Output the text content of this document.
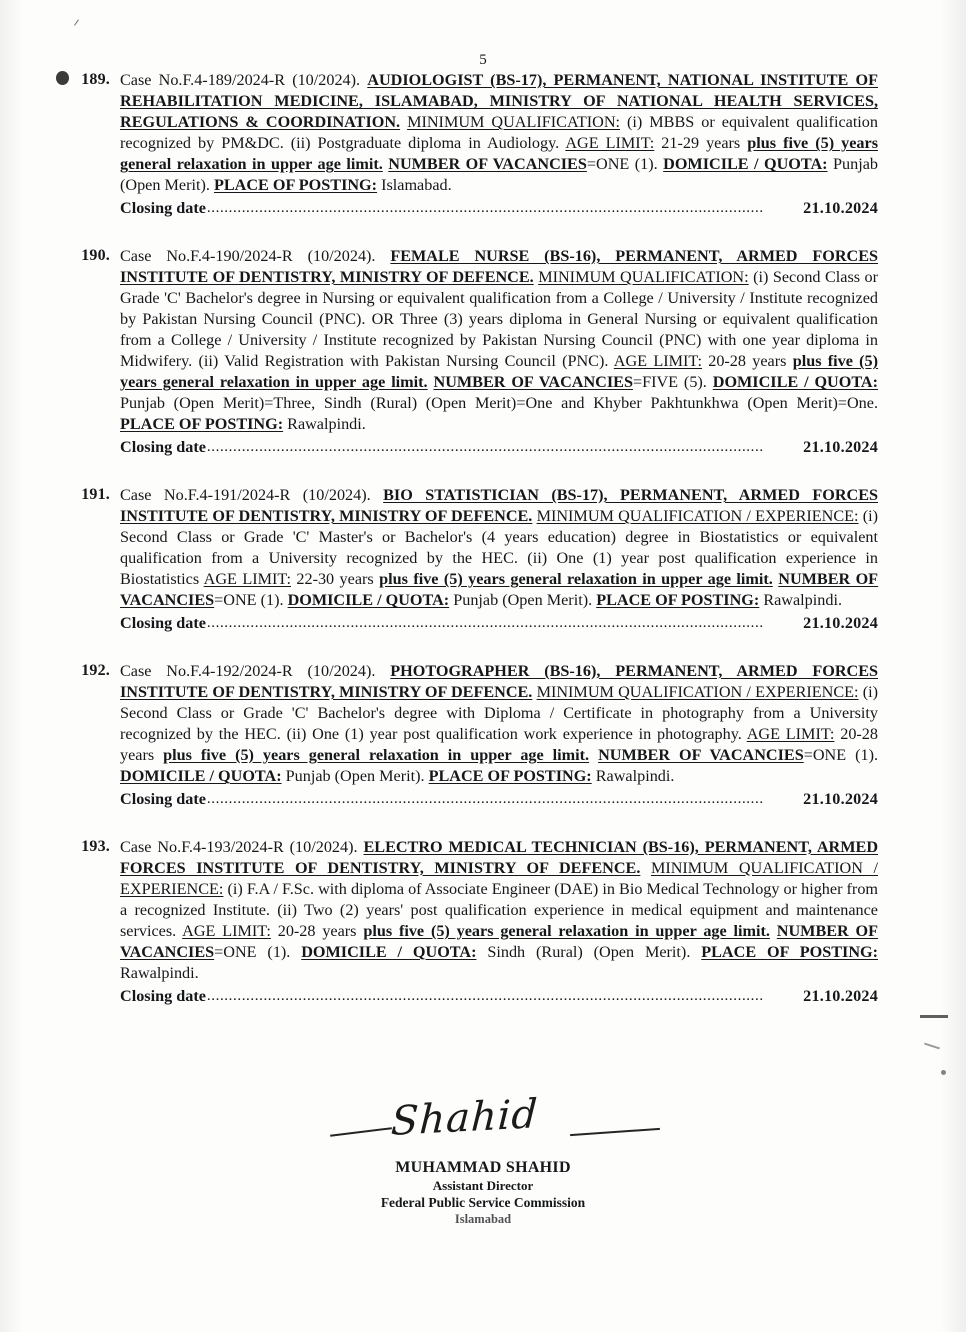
5
189. Case No.F.4-189/2024-R (10/2024). AUDIOLOGIST (BS-17), PERMANENT, NATIONAL INSTITUTE OF REHABILITATION MEDICINE, ISLAMABAD, MINISTRY OF NATIONAL HEALTH SERVICES, REGULATIONS & COORDINATION. MINIMUM QUALIFICATION: (i) MBBS or equivalent qualification recognized by PM&DC. (ii) Postgraduate diploma in Audiology. AGE LIMIT: 21-29 years plus five (5) years general relaxation in upper age limit. NUMBER OF VACANCIES=ONE (1). DOMICILE / QUOTA: Punjab (Open Merit). PLACE OF POSTING: Islamabad.

Closing date ................................................................................................................................	21.10.2024
190. Case No.F.4-190/2024-R (10/2024). FEMALE NURSE (BS-16), PERMANENT, ARMED FORCES INSTITUTE OF DENTISTRY, MINISTRY OF DEFENCE. MINIMUM QUALIFICATION: (i) Second Class or Grade 'C' Bachelor's degree in Nursing or equivalent qualification from a College / University / Institute recognized by Pakistan Nursing Council (PNC). OR Three (3) years diploma in General Nursing or equivalent qualification from a College / University / Institute recognized by Pakistan Nursing Council (PNC) with one year diploma in Midwifery. (ii) Valid Registration with Pakistan Nursing Council (PNC). AGE LIMIT: 20-28 years plus five (5) years general relaxation in upper age limit. NUMBER OF VACANCIES=FIVE (5). DOMICILE / QUOTA: Punjab (Open Merit)=Three, Sindh (Rural) (Open Merit)=One and Khyber Pakhtunkhwa (Open Merit)=One. PLACE OF POSTING: Rawalpindi.

Closing date ................................................................................................................................	21.10.2024
191. Case No.F.4-191/2024-R (10/2024). BIO STATISTICIAN (BS-17), PERMANENT, ARMED FORCES INSTITUTE OF DENTISTRY, MINISTRY OF DEFENCE. MINIMUM QUALIFICATION / EXPERIENCE: (i) Second Class or Grade 'C' Master's or Bachelor's (4 years education) degree in Biostatistics or equivalent qualification from a University recognized by the HEC. (ii) One (1) year post qualification experience in Biostatistics AGE LIMIT: 22-30 years plus five (5) years general relaxation in upper age limit. NUMBER OF VACANCIES=ONE (1). DOMICILE / QUOTA: Punjab (Open Merit). PLACE OF POSTING: Rawalpindi.

Closing date ................................................................................................................................	21.10.2024
192. Case No.F.4-192/2024-R (10/2024). PHOTOGRAPHER (BS-16), PERMANENT, ARMED FORCES INSTITUTE OF DENTISTRY, MINISTRY OF DEFENCE. MINIMUM QUALIFICATION / EXPERIENCE: (i) Second Class or Grade 'C' Bachelor's degree with Diploma / Certificate in photography from a University recognized by the HEC. (ii) One (1) year post qualification work experience in photography. AGE LIMIT: 20-28 years plus five (5) years general relaxation in upper age limit. NUMBER OF VACANCIES=ONE (1). DOMICILE / QUOTA: Punjab (Open Merit). PLACE OF POSTING: Rawalpindi.

Closing date ................................................................................................................................	21.10.2024
193. Case No.F.4-193/2024-R (10/2024). ELECTRO MEDICAL TECHNICIAN (BS-16), PERMANENT, ARMED FORCES INSTITUTE OF DENTISTRY, MINISTRY OF DEFENCE. MINIMUM QUALIFICATION / EXPERIENCE: (i) F.A / F.Sc. with diploma of Associate Engineer (DAE) in Bio Medical Technology or higher from a recognized Institute. (ii) Two (2) years' post qualification experience in medical equipment and maintenance services. AGE LIMIT: 20-28 years plus five (5) years general relaxation in upper age limit. NUMBER OF VACANCIES=ONE (1). DOMICILE / QUOTA: Sindh (Rural) (Open Merit). PLACE OF POSTING: Rawalpindi.

Closing date ................................................................................................................................	21.10.2024
Shahid
MUHAMMAD SHAHID
Assistant Director
Federal Public Service Commission
Islamabad
